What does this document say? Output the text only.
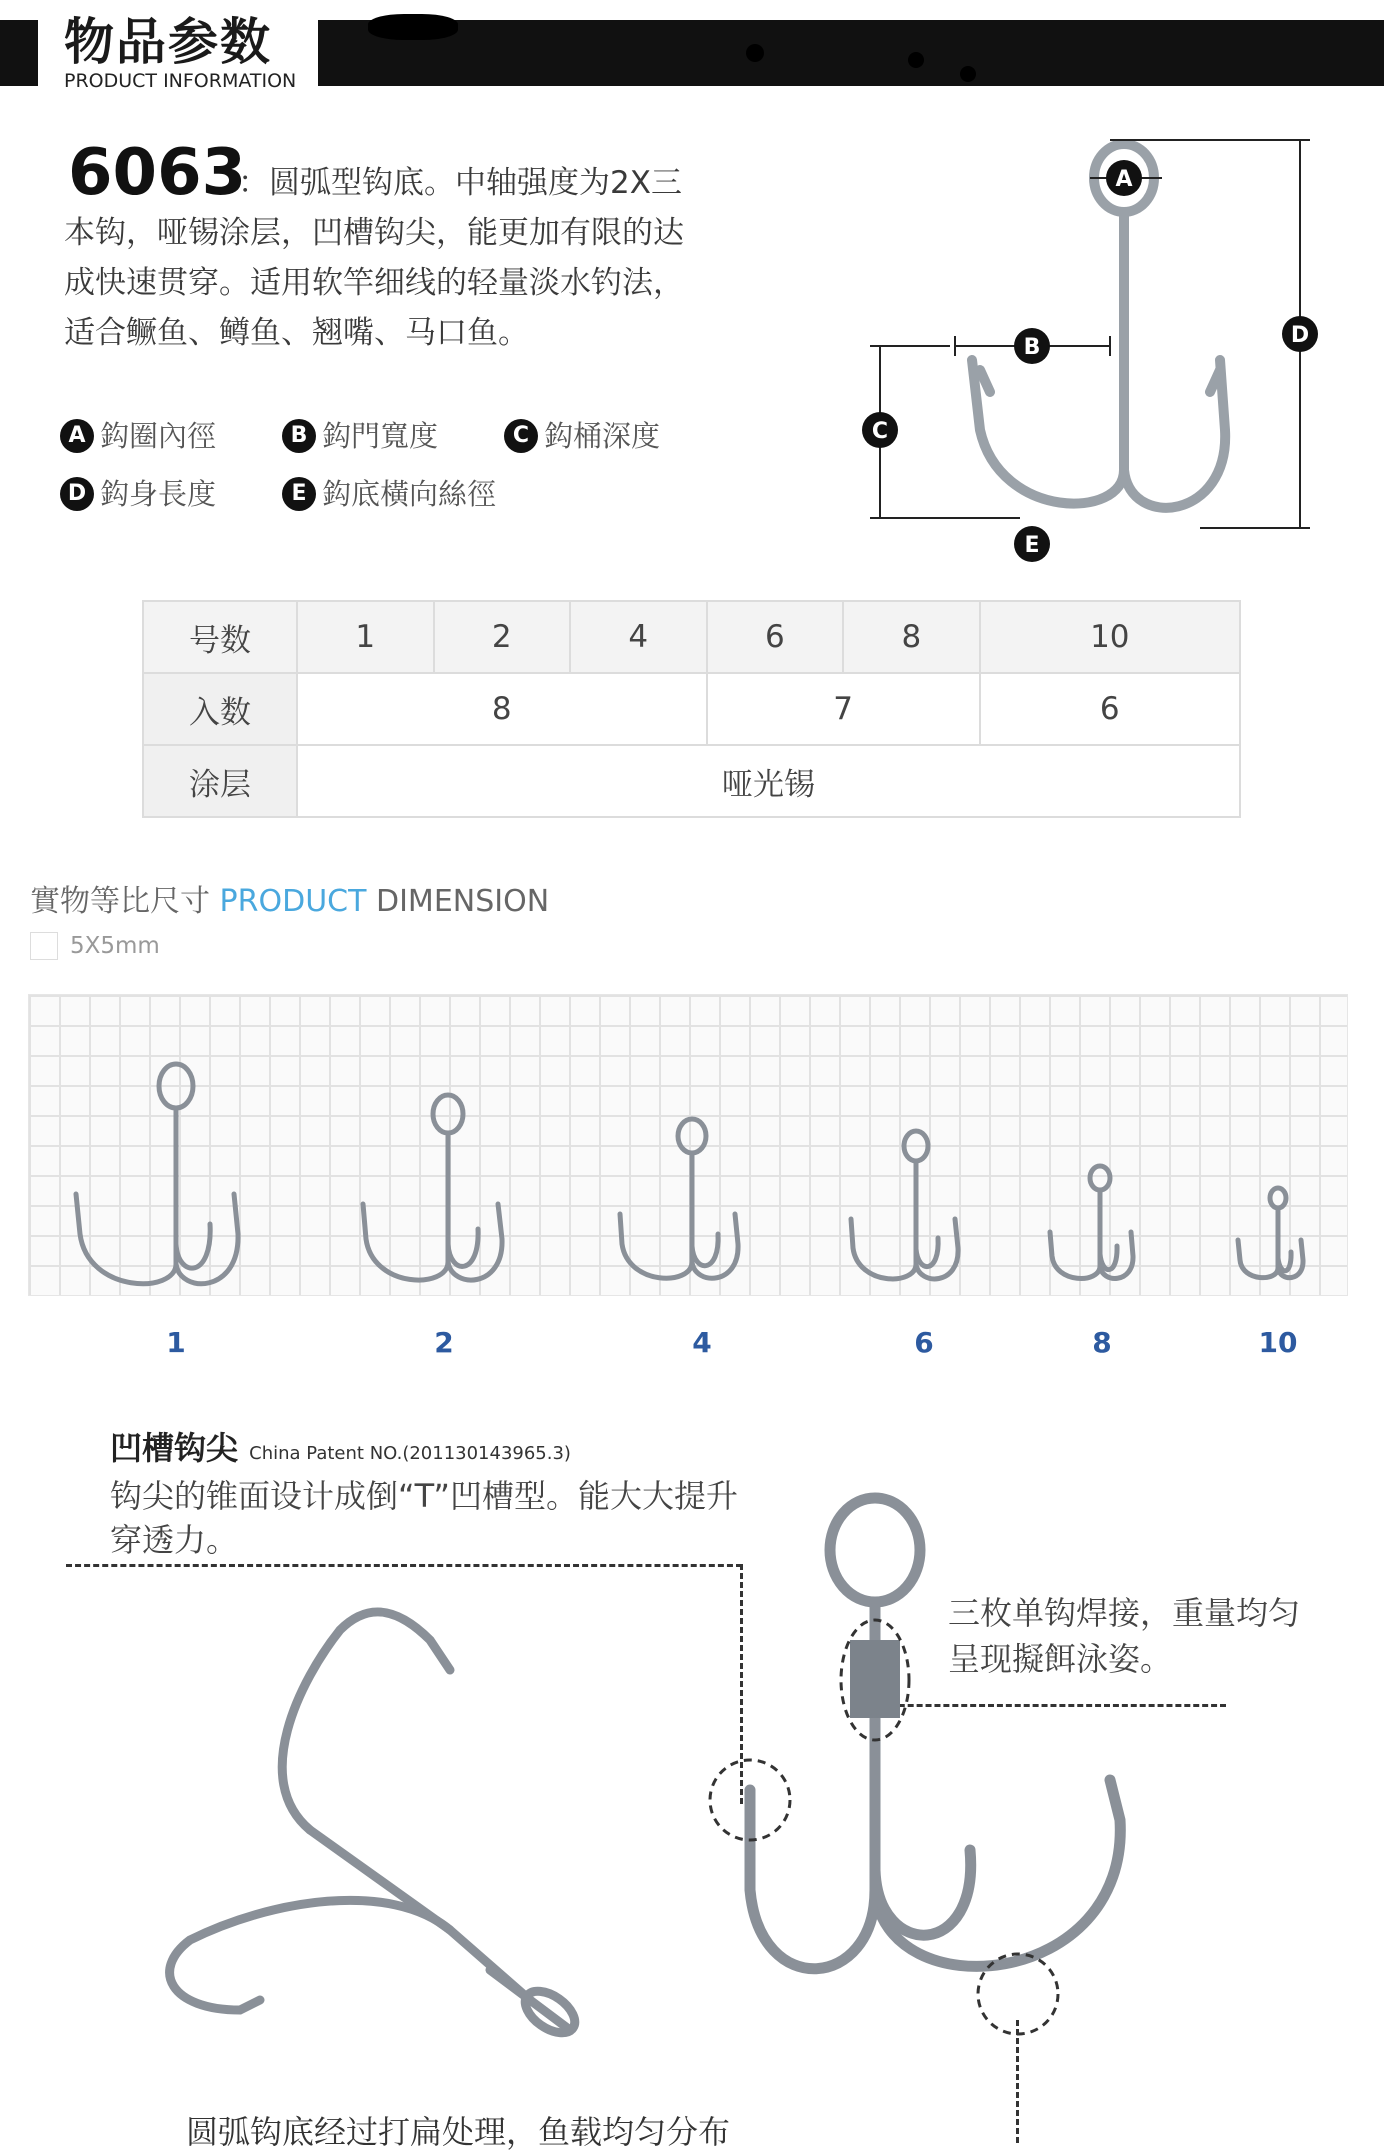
物品参数
PRODUCT INFORMATION
6063
：圆弧型钩底。中轴强度为2X三本钩，哑锡涂层，凹槽钩尖，能更加有限的达成快速贯穿。适用软竿细线的轻量淡水钓法，适合鳜鱼、鳟鱼、翘嘴、马口鱼。
A 鈎圈內徑	B 鈎門寬度	C 鈎桶深度
D 鈎身長度	E 鈎底橫向絲徑
A
B
C
D
E
号数	1	2	4	6	8	10
入数	8			7		6
涂层	哑光锡					
實物等比尺寸 PRODUCT DIMENSION
5X5mm
1	2	4	6	8	10
凹槽钩尖 China Patent NO.(201130143965.3)
钩尖的锥面设计成倒“T”凹槽型。能大大提升穿透力。
三枚单钩焊接，重量均匀呈现擬餌泳姿。
圆弧钩底经过打扁处理，鱼载均匀分布
